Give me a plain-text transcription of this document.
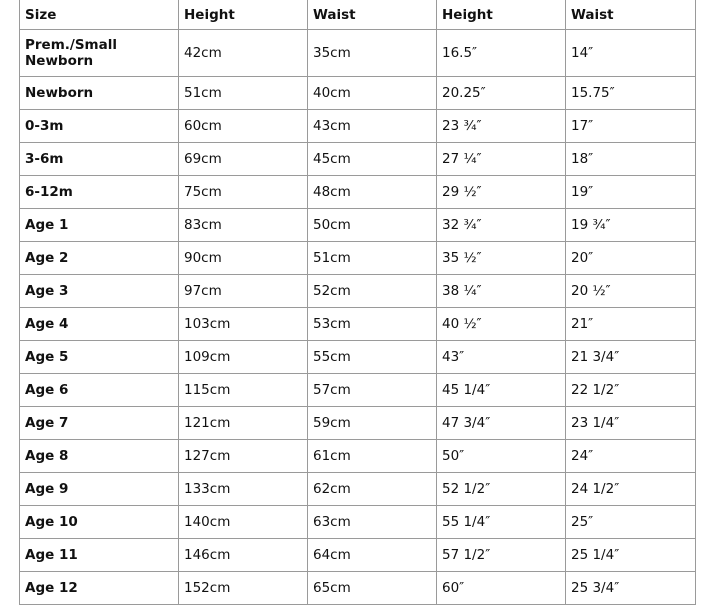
Size	Height	Waist	Height	Waist
Prem./Small Newborn	42cm	35cm	16.5″	14″
Newborn	51cm	40cm	20.25″	15.75″
0-3m	60cm	43cm	23 ¾″	17″
3-6m	69cm	45cm	27 ¼″	18″
6-12m	75cm	48cm	29 ½″	19″
Age 1	83cm	50cm	32 ¾″	19 ¾″
Age 2	90cm	51cm	35 ½″	20″
Age 3	97cm	52cm	38 ¼″	20 ½″
Age 4	103cm	53cm	40 ½″	21″
Age 5	109cm	55cm	43″	21 3/4″
Age 6	115cm	57cm	45 1/4″	22 1/2″
Age 7	121cm	59cm	47 3/4″	23 1/4″
Age 8	127cm	61cm	50″	24″
Age 9	133cm	62cm	52 1/2″	24 1/2″
Age 10	140cm	63cm	55 1/4″	25″
Age 11	146cm	64cm	57 1/2″	25 1/4″
Age 12	152cm	65cm	60″	25 3/4″
